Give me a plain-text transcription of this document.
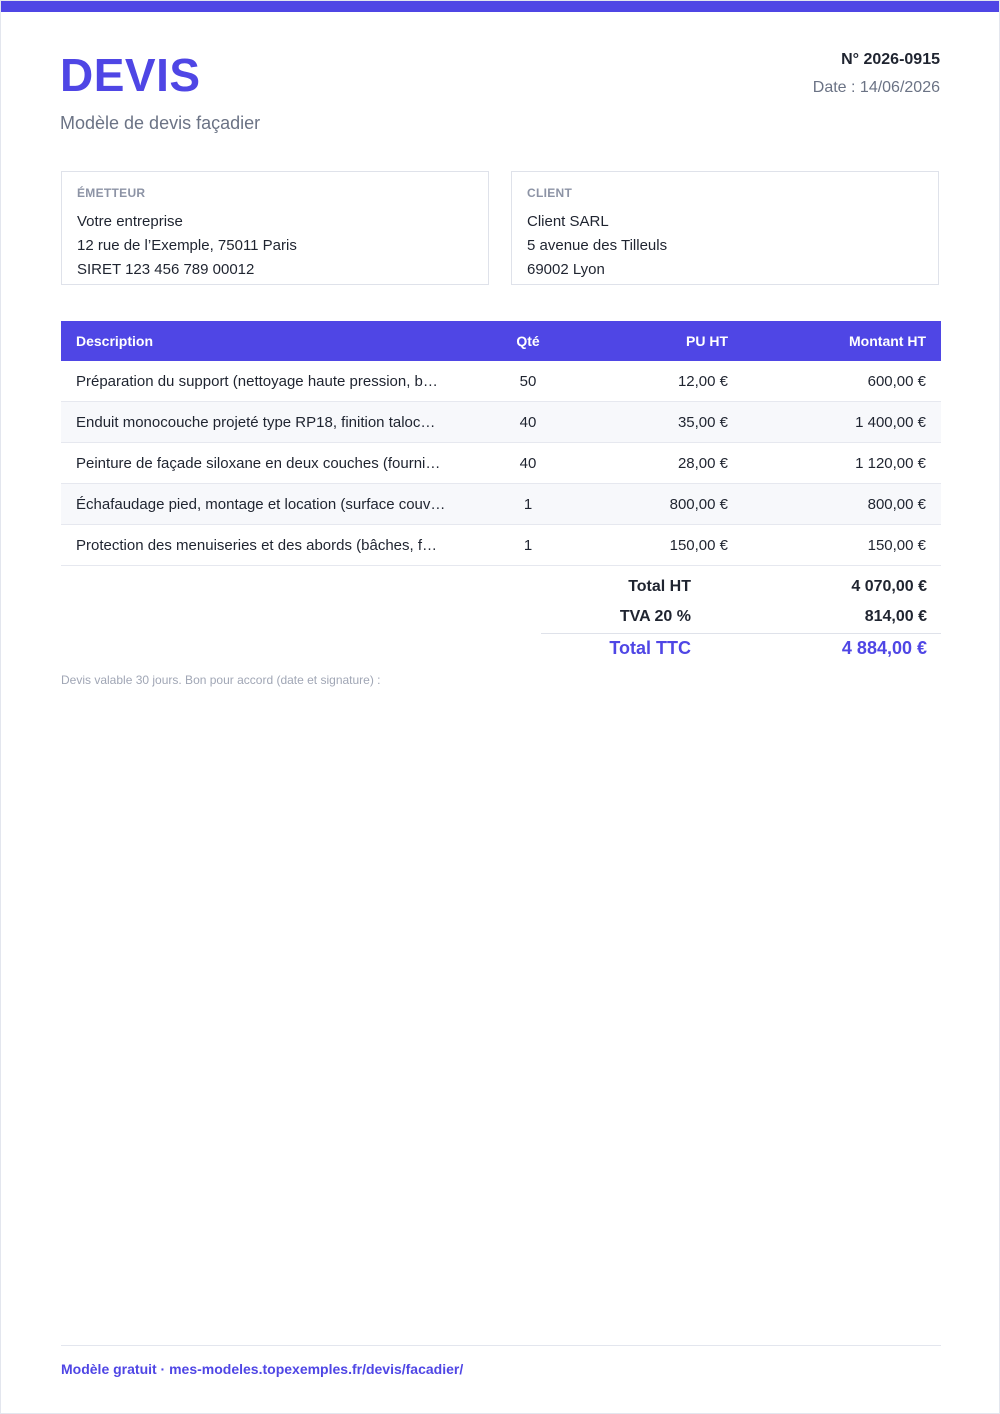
DEVIS
Modèle de devis façadier
N° 2026-0915
Date : 14/06/2026
ÉMETTEUR
Votre entreprise
12 rue de l’Exemple, 75011 Paris
SIRET 123 456 789 00012
CLIENT
Client SARL
5 avenue des Tilleuls
69002 Lyon
Description	Qté	PU HT	Montant HT
Préparation du support (nettoyage haute pression, b…	50	12,00 €	600,00 €
Enduit monocouche projeté type RP18, finition taloc…	40	35,00 €	1 400,00 €
Peinture de façade siloxane en deux couches (fourni…	40	28,00 €	1 120,00 €
Échafaudage pied, montage et location (surface couv…	1	800,00 €	800,00 €
Protection des menuiseries et des abords (bâches, f…	1	150,00 €	150,00 €
Total HT	4 070,00 €
TVA 20 %	814,00 €
Total TTC	4 884,00 €
Devis valable 30 jours. Bon pour accord (date et signature) :
Modèle gratuit · mes-modeles.topexemples.fr/devis/facadier/
